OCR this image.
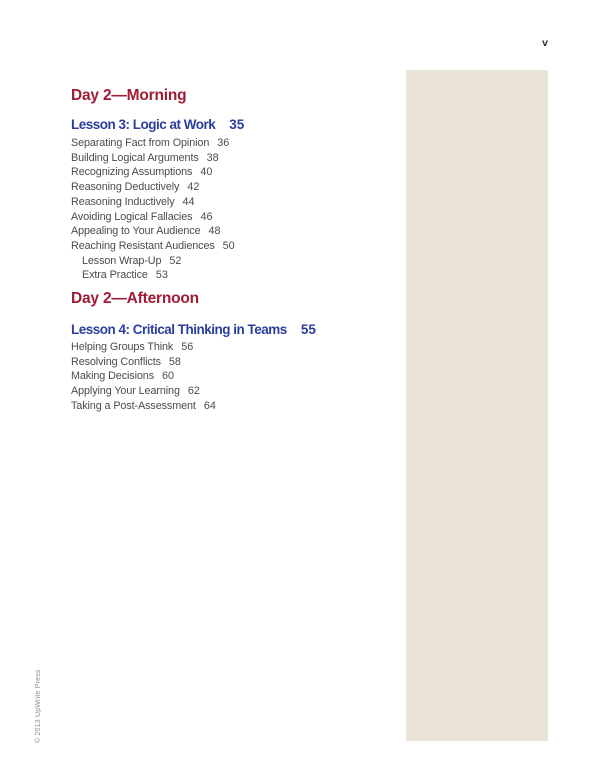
v
© 2013 UpWrite Press
Day 2—Morning
Lesson 3: Logic at Work 35
Separating Fact from Opinion 36
Building Logical Arguments 38
Recognizing Assumptions 40
Reasoning Deductively 42
Reasoning Inductively 44
Avoiding Logical Fallacies 46
Appealing to Your Audience 48
Reaching Resistant Audiences 50
Lesson Wrap-Up 52
Extra Practice 53
Day 2—Afternoon
Lesson 4: Critical Thinking in Teams 55
Helping Groups Think 56
Resolving Conflicts 58
Making Decisions 60
Applying Your Learning 62
Taking a Post-Assessment 64
